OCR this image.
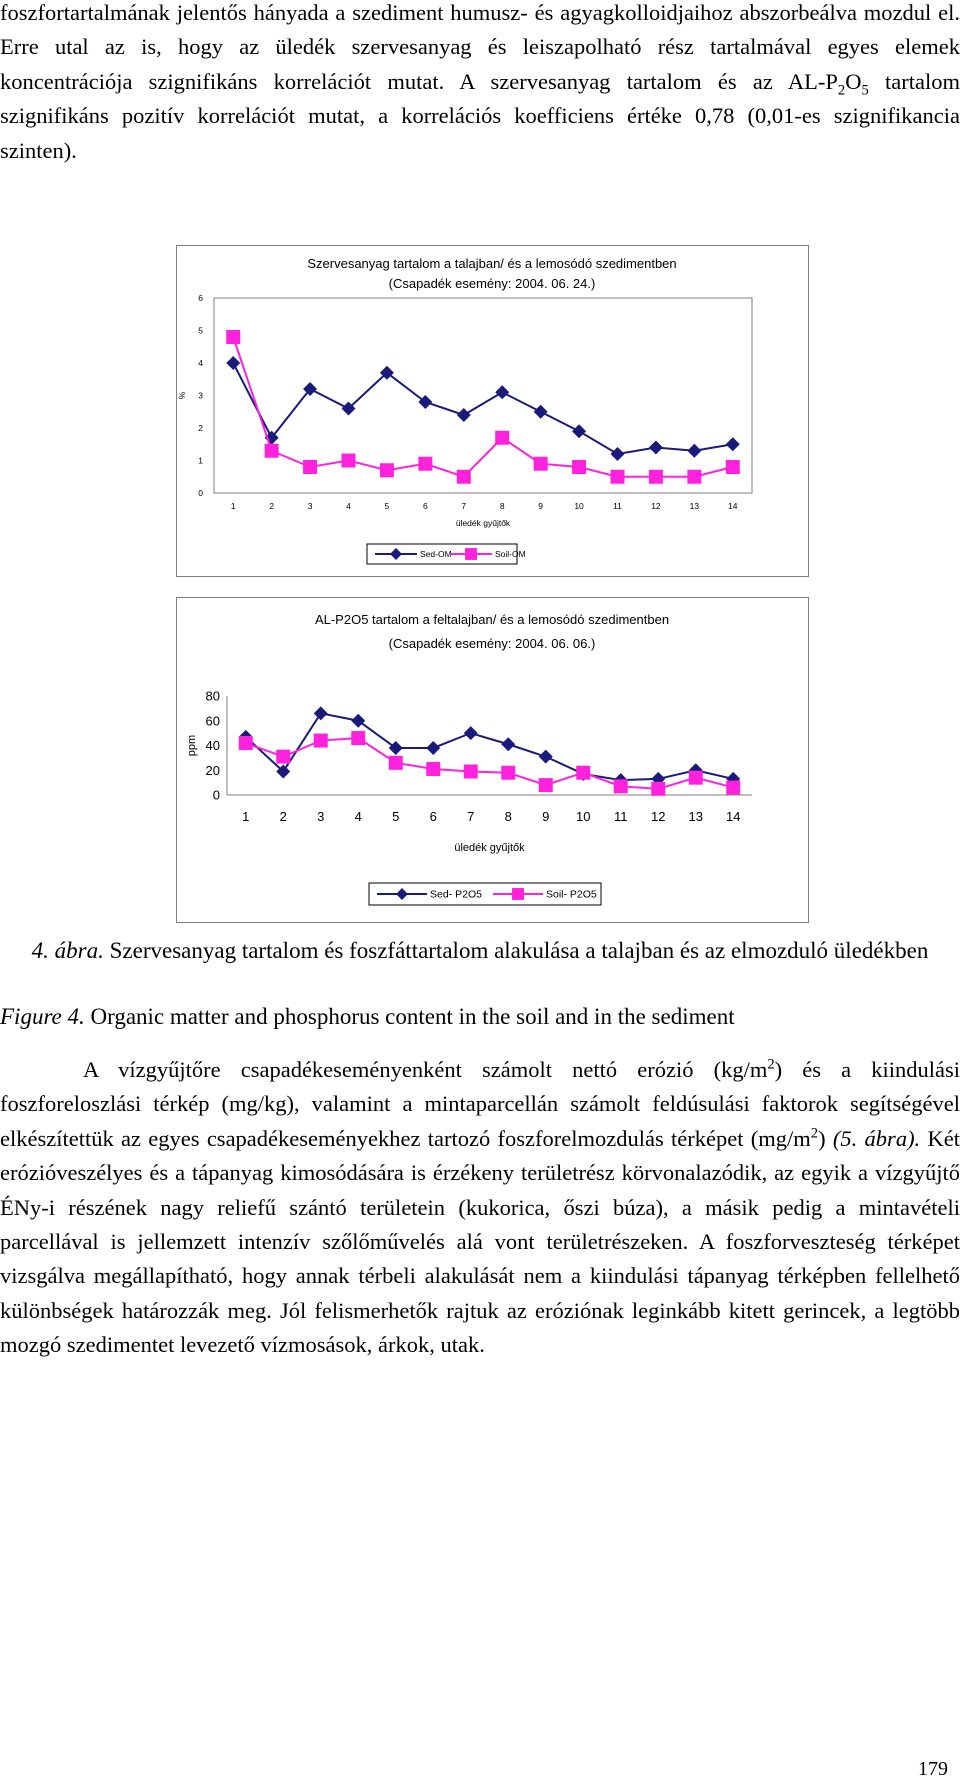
foszfortartalmának jelentős hányada a szediment humusz- és agyagkolloidjaihoz abszorbeálva mozdul el. Erre utal az is, hogy az üledék szervesanyag és leiszapolható rész tartalmával egyes elemek koncentrációja szignifikáns korrelációt mutat. A szervesanyag tartalom és az $AL-P_2O_5$ tartalom szignifikáns pozitív korrelációt mutat, a korrelációs koefficiens értéke 0,78 (0,01-es szignifikancia szinten).

Szervesanyag tartalom a talajban/ és a lemosódó szedimentben
(Csapadék esemény: 2004. 06. 24.)
0
1
2
3
4
5
6
1	2	3	4	5	6	7	8	9	10	11	12	13	14
üledék gyűjtők
%
Sed-OM	Soil-OM
AL-P2O5 tartalom a feltalajban/ és a lemosódó szedimentben
(Csapadék esemény: 2004. 06. 06.)
0
20
40
60
80
1 2 3 4 5 6 7 8 9 10 11 12 13 14
üledék gyűjtők
ppm
Sed- P2O5	Soil- P2O5
4. ábra. Szervesanyag tartalom és foszfáttartalom alakulása a talajban és az elmozduló üledékben
Figure 4. Organic matter and phosphorus content in the soil and in the sediment

A vízgyűjtőre csapadékeseményenként számolt nettó erózió $(kg/m^2)$ és a kiindulási foszforeloszlási térkép (mg/kg), valamint a mintaparcellán számolt feldúsulási faktorok segítségével elkészítettük az egyes csapadékeseményekhez tartozó foszforelmozdulás térképet $(mg/m^2)$ (5. ábra). Két erózióveszélyes és a tápanyag kimosódására is érzékeny területrész körvonalazódik, az egyik a vízgyűjtő ÉNy-i részének nagy reliefű szántó területein (kukorica, őszi búza), a másik pedig a mintavételi parcellával is jellemzett intenzív szőlőművelés alá vont területrészeken. A foszforveszteség térképet vizsgálva megállapítható, hogy annak térbeli alakulását nem a kiindulási tápanyag térképben fellelhető különbségek határozzák meg. Jól felismerhetők rajtuk az eróziónak leginkább kitett gerincek, a legtöbb mozgó szedimentet levezető vízmosások, árkok, utak.

179
